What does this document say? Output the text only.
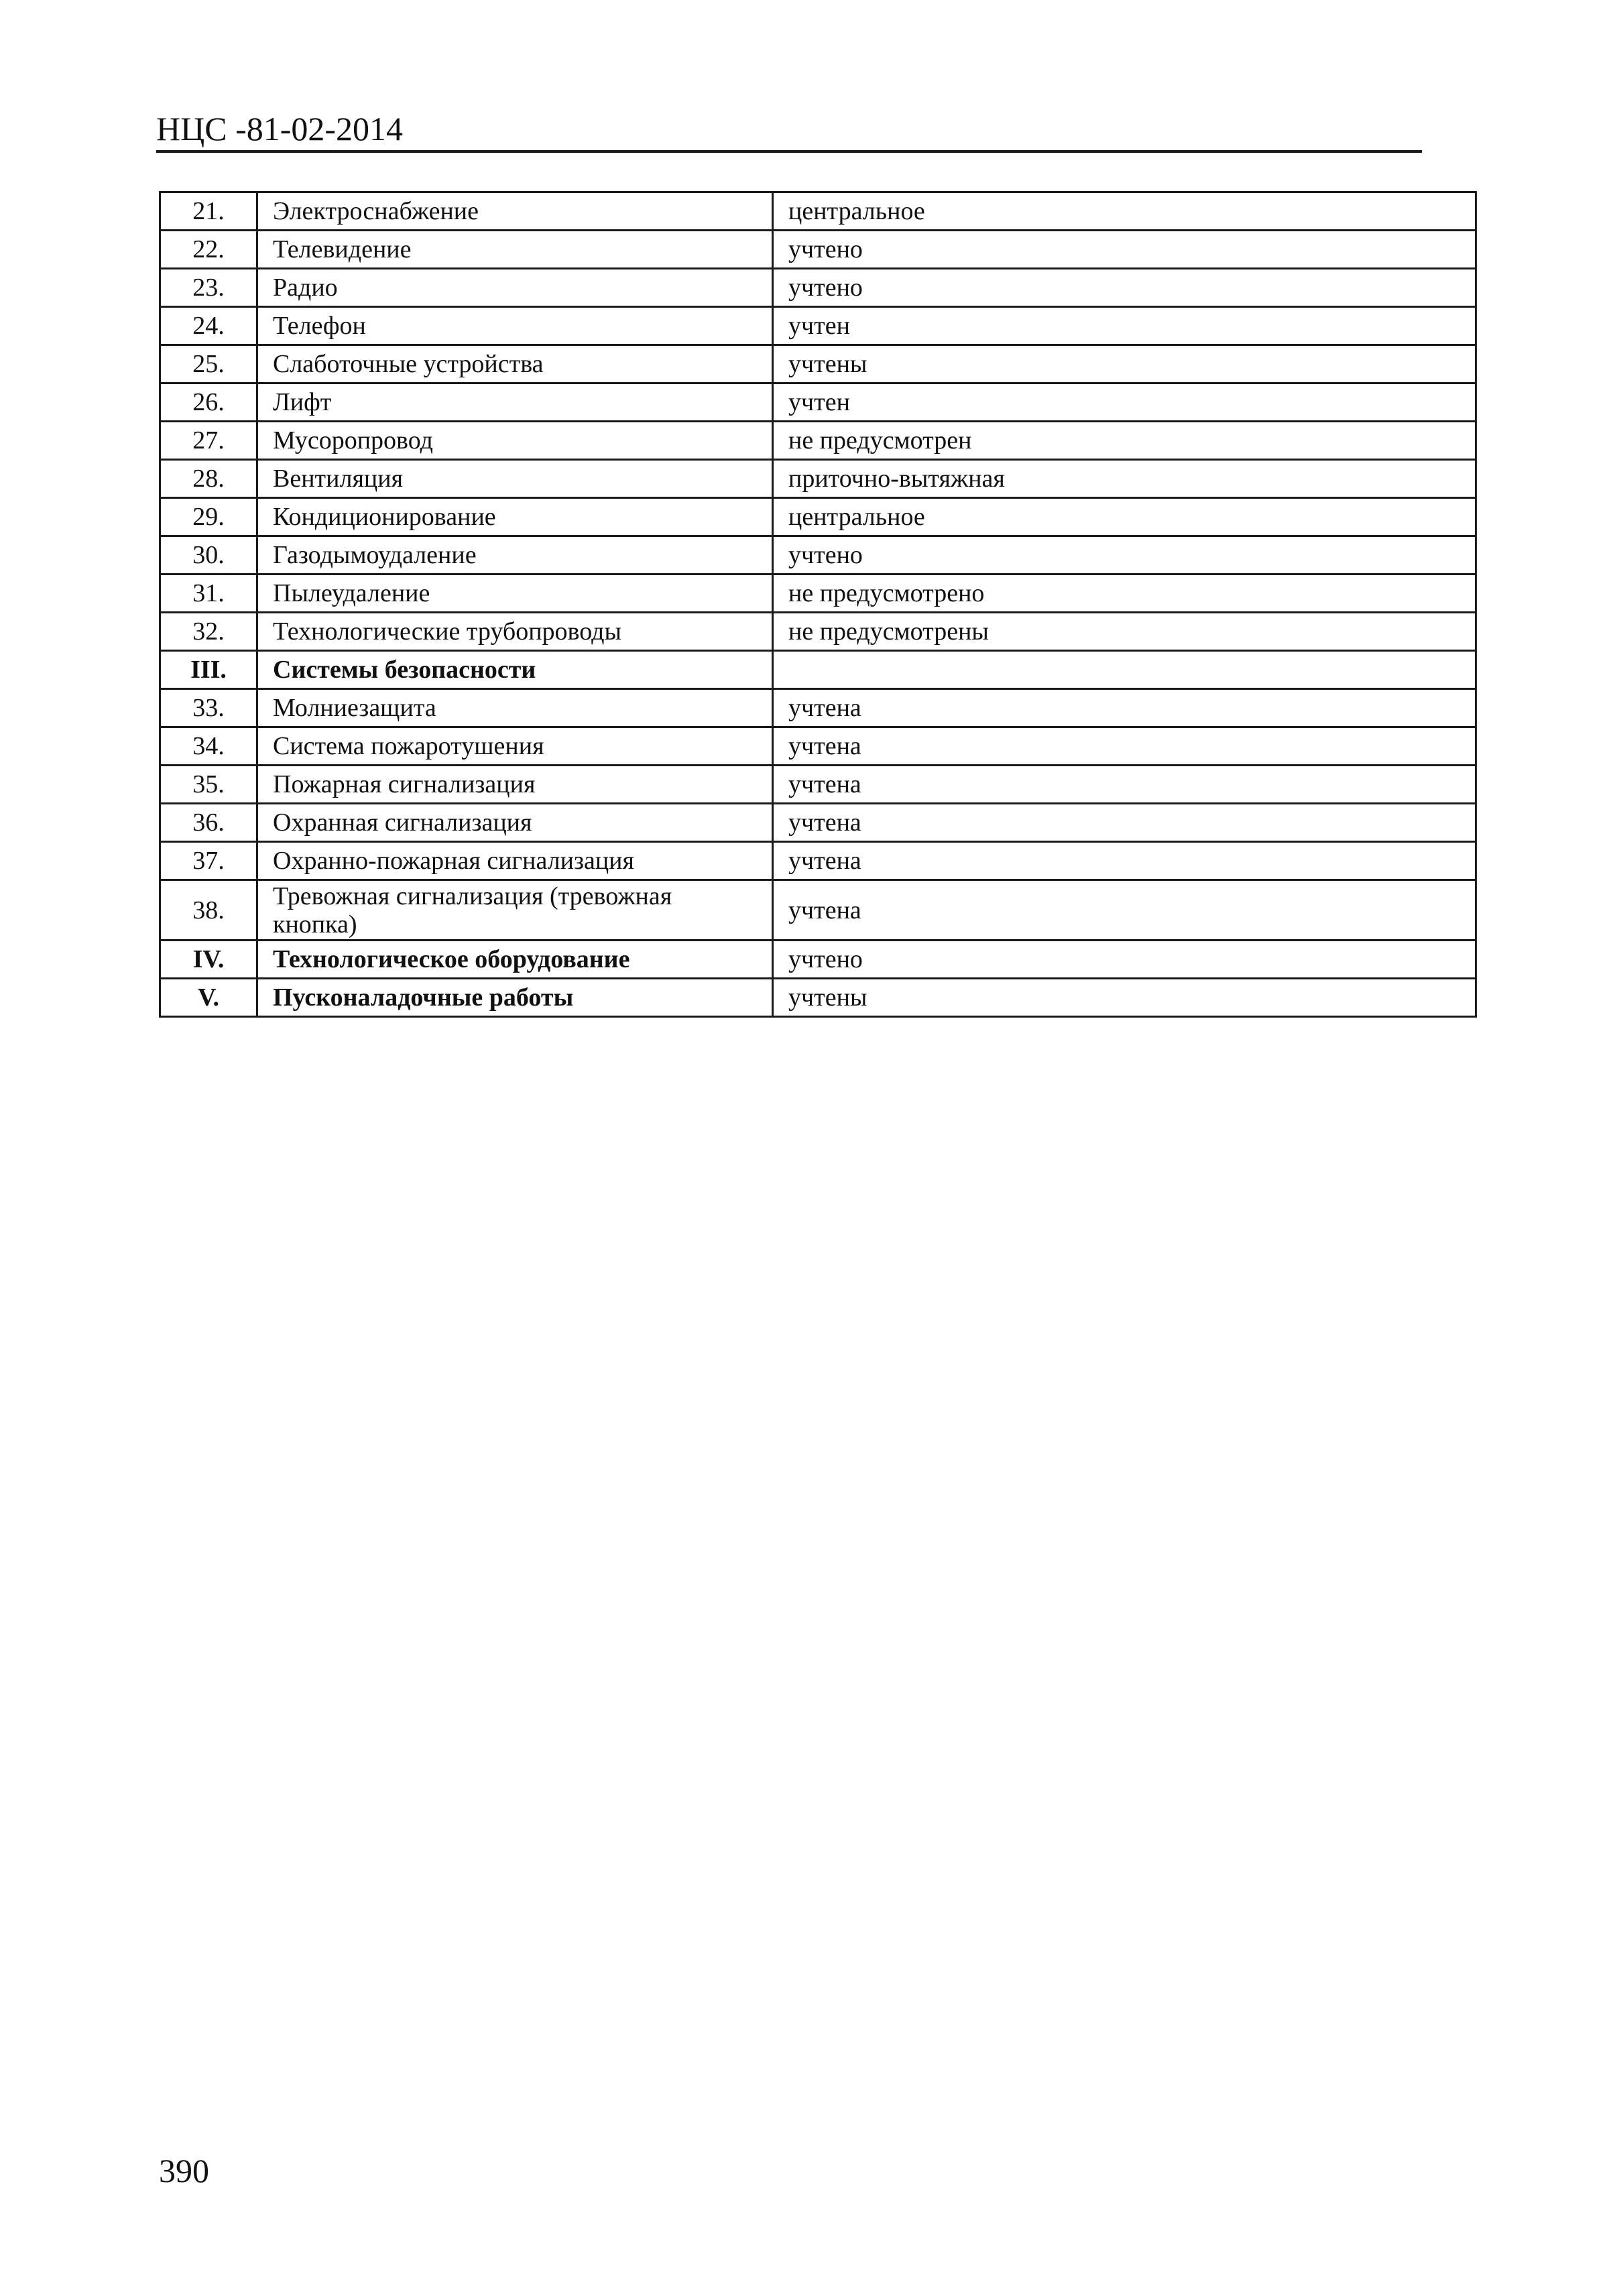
НЦС -81-02-2014
21.	Электроснабжение	центральное
22.	Телевидение	учтено
23.	Радио	учтено
24.	Телефон	учтен
25.	Слаботочные устройства	учтены
26.	Лифт	учтен
27.	Мусоропровод	не предусмотрен
28.	Вентиляция	приточно-вытяжная
29.	Кондиционирование	центральное
30.	Газодымоудаление	учтено
31.	Пылеудаление	не предусмотрено
32.	Технологические трубопроводы	не предусмотрены
III.	Системы безопасности	
33.	Молниезащита	учтена
34.	Система пожаротушения	учтена
35.	Пожарная сигнализация	учтена
36.	Охранная сигнализация	учтена
37.	Охранно-пожарная сигнализация	учтена
38.	Тревожная сигнализация (тревожная кнопка)	учтена
IV.	Технологическое оборудование	учтено
V.	Пусконаладочные работы	учтены
390
